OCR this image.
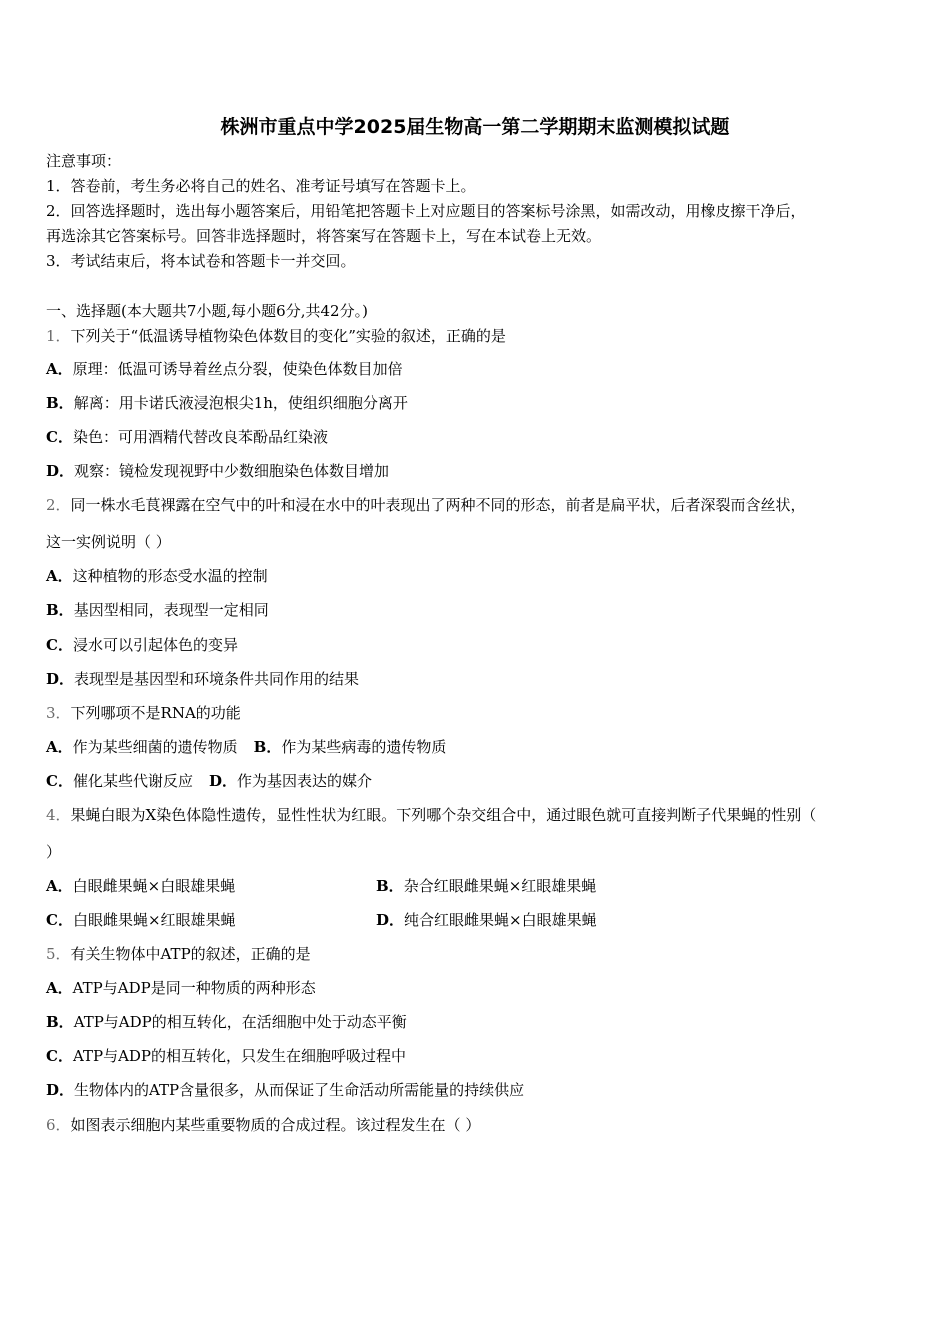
株洲市重点中学2025届生物高一第二学期期末监测模拟试题
注意事项：
1．答卷前，考生务必将自己的姓名、准考证号填写在答题卡上。
2．回答选择题时，选出每小题答案后，用铅笔把答题卡上对应题目的答案标号涂黑，如需改动，用橡皮擦干净后，
再选涂其它答案标号。回答非选择题时，将答案写在答题卡上，写在本试卷上无效。
3．考试结束后，将本试卷和答题卡一并交回。
一、选择题(本大题共7小题,每小题6分,共42分。)
1．下列关于“低温诱导植物染色体数目的变化”实验的叙述，正确的是
A．原理：低温可诱导着丝点分裂，使染色体数目加倍
B．解离：用卡诺氏液浸泡根尖1h，使组织细胞分离开
C．染色：可用酒精代替改良苯酚品红染液
D．观察：镜检发现视野中少数细胞染色体数目增加
2．同一株水毛茛裸露在空气中的叶和浸在水中的叶表现出了两种不同的形态，前者是扁平状，后者深裂而含丝状，
这一实例说明（ ）
A．这种植物的形态受水温的控制
B．基因型相同，表现型一定相同
C．浸水可以引起体色的变异
D．表现型是基因型和环境条件共同作用的结果
3．下列哪项不是RNA的功能
A．作为某些细菌的遗传物质 B．作为某些病毒的遗传物质
C．催化某些代谢反应 D．作为基因表达的媒介
4．果蝇白眼为X染色体隐性遗传，显性性状为红眼。下列哪个杂交组合中，通过眼色就可直接判断子代果蝇的性别（
）
A．白眼雌果蝇×白眼雄果蝇	B．杂合红眼雌果蝇×红眼雄果蝇
C．白眼雌果蝇×红眼雄果蝇	D．纯合红眼雌果蝇×白眼雄果蝇
5．有关生物体中ATP的叙述，正确的是
A．ATP与ADP是同一种物质的两种形态
B．ATP与ADP的相互转化，在活细胞中处于动态平衡
C．ATP与ADP的相互转化，只发生在细胞呼吸过程中
D．生物体内的ATP含量很多，从而保证了生命活动所需能量的持续供应
6．如图表示细胞内某些重要物质的合成过程。该过程发生在（ ）
